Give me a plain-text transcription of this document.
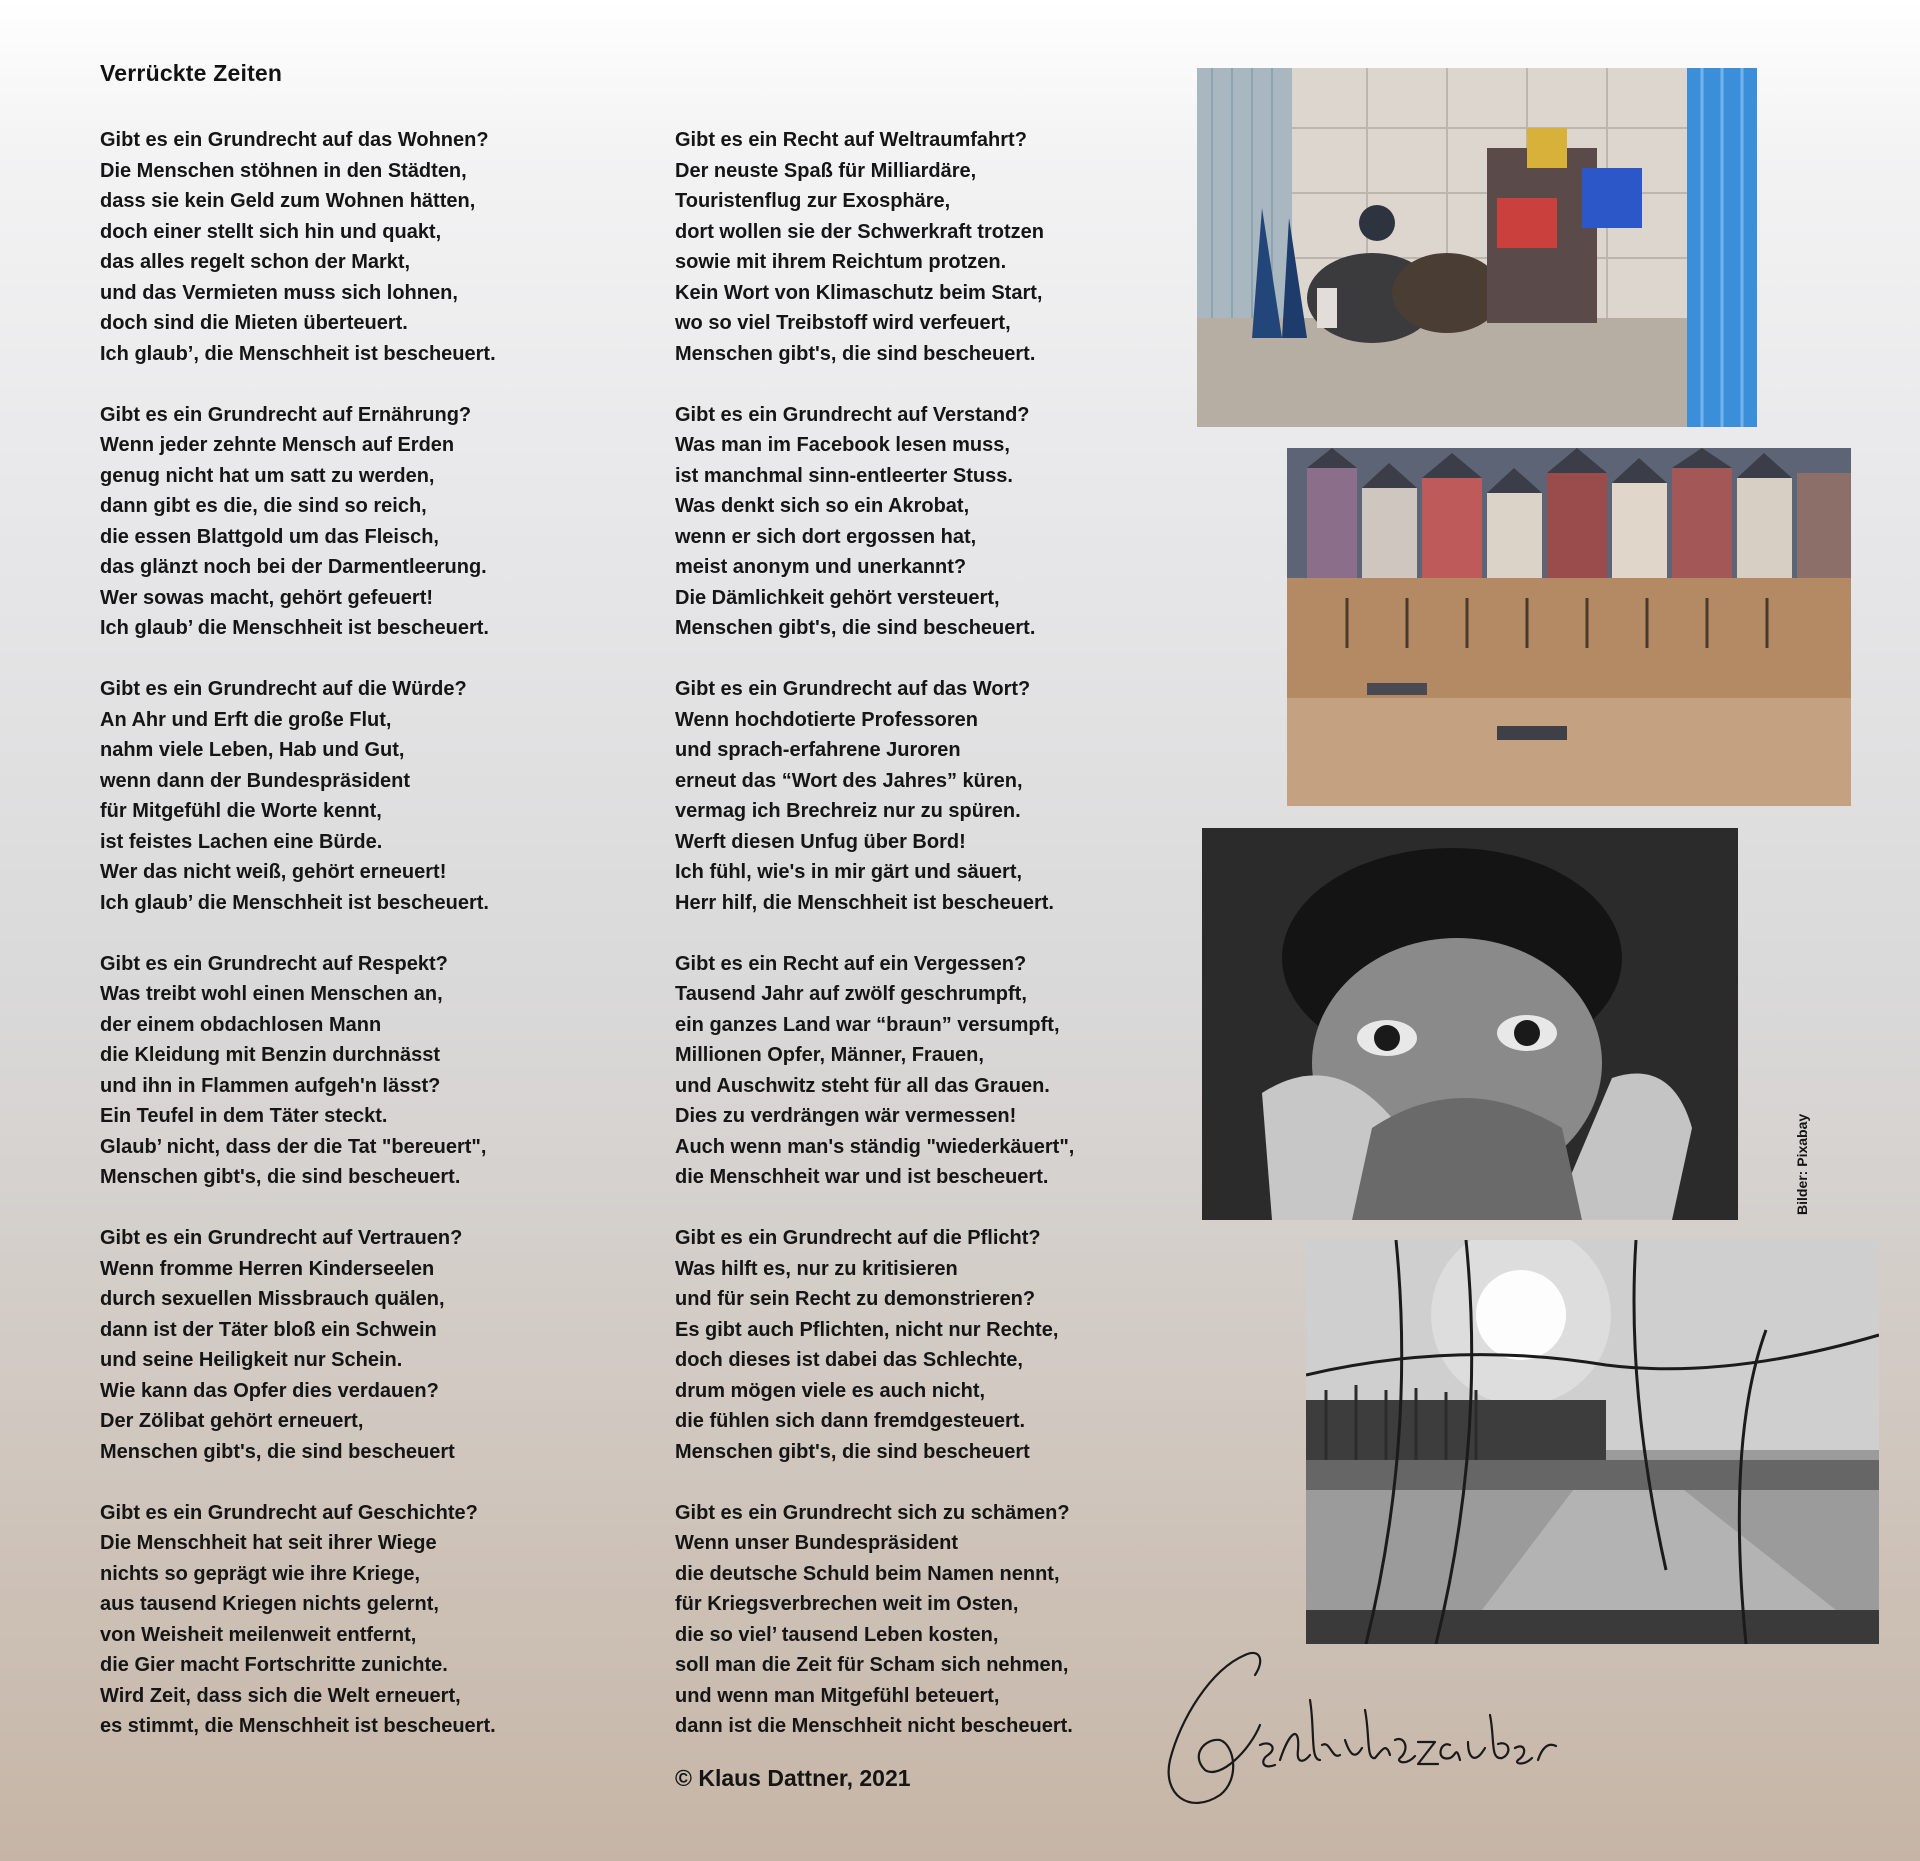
Verrückte Zeiten
Gibt es ein Grundrecht auf das Wohnen?
Die Menschen stöhnen in den Städten,
dass sie kein Geld zum Wohnen hätten,
doch einer stellt sich hin und quakt,
das alles regelt schon der Markt,
und das Vermieten muss sich lohnen,
doch sind die Mieten überteuert.
Ich glaub’, die Menschheit ist bescheuert.
Gibt es ein Grundrecht auf Ernährung?
Wenn jeder zehnte Mensch auf Erden
genug nicht hat um satt zu werden,
dann gibt es die, die sind so reich,
die essen Blattgold um das Fleisch,
das glänzt noch bei der Darmentleerung.
Wer sowas macht, gehört gefeuert!
Ich glaub’ die Menschheit ist bescheuert.
Gibt es ein Grundrecht auf die Würde?
An Ahr und Erft die große Flut,
nahm viele Leben, Hab und Gut,
wenn dann der Bundespräsident
für Mitgefühl die Worte kennt,
ist feistes Lachen eine Bürde.
Wer das nicht weiß, gehört erneuert!
Ich glaub’ die Menschheit ist bescheuert.
Gibt es ein Grundrecht auf Respekt?
Was treibt wohl einen Menschen an,
der einem obdachlosen Mann
die Kleidung mit Benzin durchnässt
und ihn in Flammen aufgeh'n lässt?
Ein Teufel in dem Täter steckt.
Glaub’ nicht, dass der die Tat "bereuert",
Menschen gibt's, die sind bescheuert.
Gibt es ein Grundrecht auf Vertrauen?
Wenn fromme Herren Kinderseelen
durch sexuellen Missbrauch quälen,
dann ist der Täter bloß ein Schwein
und seine Heiligkeit nur Schein.
Wie kann das Opfer dies verdauen?
Der Zölibat gehört erneuert,
Menschen gibt's, die sind bescheuert
Gibt es ein Grundrecht auf Geschichte?
Die Menschheit hat seit ihrer Wiege
nichts so geprägt wie ihre Kriege,
aus tausend Kriegen nichts gelernt,
von Weisheit meilenweit entfernt,
die Gier macht Fortschritte zunichte.
Wird Zeit, dass sich die Welt erneuert,
es stimmt, die Menschheit ist bescheuert.
Gibt es ein Recht auf Weltraumfahrt?
Der neuste Spaß für Milliardäre,
Touristenflug zur Exosphäre,
dort wollen sie der Schwerkraft trotzen
sowie mit ihrem Reichtum protzen.
Kein Wort von Klimaschutz beim Start,
wo so viel Treibstoff wird verfeuert,
Menschen gibt's, die sind bescheuert.
Gibt es ein Grundrecht auf Verstand?
Was man im Facebook lesen muss,
ist manchmal sinn-entleerter Stuss.
Was denkt sich so ein Akrobat,
wenn er sich dort ergossen hat,
meist anonym und unerkannt?
Die Dämlichkeit gehört versteuert,
Menschen gibt's, die sind bescheuert.
Gibt es ein Grundrecht auf das Wort?
Wenn hochdotierte Professoren
und sprach-erfahrene Juroren
erneut das “Wort des Jahres” küren,
vermag ich Brechreiz nur zu spüren.
Werft diesen Unfug über Bord!
Ich fühl, wie's in mir gärt und säuert,
Herr hilf, die Menschheit ist bescheuert.
Gibt es ein Recht auf ein Vergessen?
Tausend Jahr auf zwölf geschrumpft,
ein ganzes Land war “braun” versumpft,
Millionen Opfer, Männer, Frauen,
und Auschwitz steht für all das Grauen.
Dies zu verdrängen wär vermessen!
Auch wenn man's ständig "wiederkäuert",
die Menschheit war und ist bescheuert.
Gibt es ein Grundrecht auf die Pflicht?
Was hilft es, nur zu kritisieren
und für sein Recht zu demonstrieren?
Es gibt auch Pflichten, nicht nur Rechte,
doch dieses ist dabei das Schlechte,
drum mögen viele es auch nicht,
die fühlen sich dann fremdgesteuert.
Menschen gibt's, die sind bescheuert
Gibt es ein Grundrecht sich zu schämen?
Wenn unser Bundespräsident
die deutsche Schuld beim Namen nennt,
für Kriegsverbrechen weit im Osten,
die so viel’ tausend Leben kosten,
soll man die Zeit für Scham sich nehmen,
und wenn man Mitgefühl beteuert,
dann ist die Menschheit nicht bescheuert.
© Klaus Dattner, 2021
Bilder: Pixabay
